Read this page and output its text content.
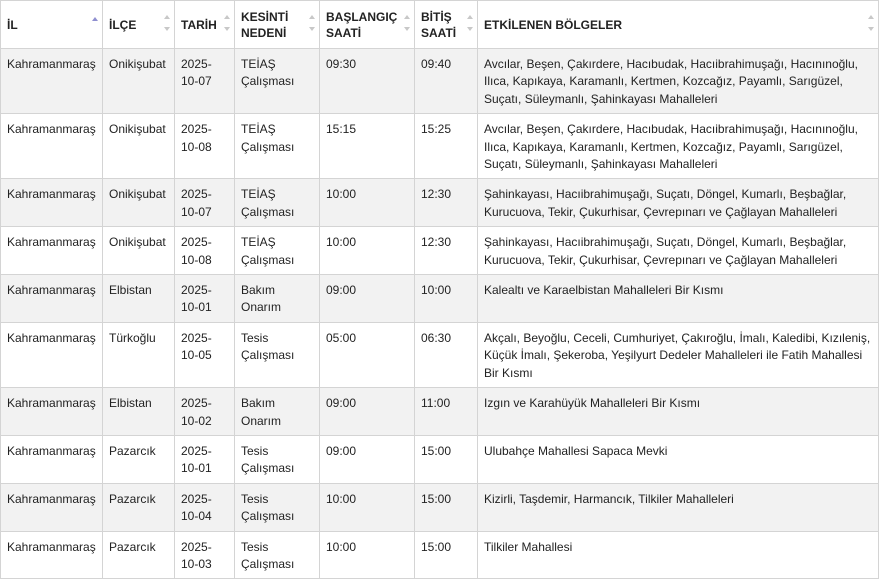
İL	İLÇE	TARİH	KESİNTİ NEDENİ	BAŞLANGIÇ SAATİ	BİTİŞ SAATİ	ETKİLENEN BÖLGELER

Kahramanmaraş	Onikişubat	2025-10-07	TEİAŞ Çalışması	09:30	09:40	Avcılar, Beşen, Çakırdere, Hacıbudak, Hacıibrahimuşağı, Hacınınoğlu, Ilıca, Kapıkaya, Karamanlı, Kertmen, Kozcağız, Payamlı, Sarıgüzel, Suçatı, Süleymanlı, Şahinkayası Mahalleleri
Kahramanmaraş	Onikişubat	2025-10-08	TEİAŞ Çalışması	15:15	15:25	Avcılar, Beşen, Çakırdere, Hacıbudak, Hacıibrahimuşağı, Hacınınoğlu, Ilıca, Kapıkaya, Karamanlı, Kertmen, Kozcağız, Payamlı, Sarıgüzel, Suçatı, Süleymanlı, Şahinkayası Mahalleleri
Kahramanmaraş	Onikişubat	2025-10-07	TEİAŞ Çalışması	10:00	12:30	Şahinkayası, Hacıibrahimuşağı, Suçatı, Döngel, Kumarlı, Beşbağlar, Kurucuova, Tekir, Çukurhisar, Çevrepınarı ve Çağlayan Mahalleleri
Kahramanmaraş	Onikişubat	2025-10-08	TEİAŞ Çalışması	10:00	12:30	Şahinkayası, Hacıibrahimuşağı, Suçatı, Döngel, Kumarlı, Beşbağlar, Kurucuova, Tekir, Çukurhisar, Çevrepınarı ve Çağlayan Mahalleleri
Kahramanmaraş	Elbistan	2025-10-01	Bakım Onarım	09:00	10:00	Kalealtı ve Karaelbistan Mahalleleri Bir Kısmı
Kahramanmaraş	Türkoğlu	2025-10-05	Tesis Çalışması	05:00	06:30	Akçalı, Beyoğlu, Ceceli, Cumhuriyet, Çakıroğlu, İmalı, Kaledibi, Kızıleniş, Küçük İmalı, Şekeroba, Yeşilyurt Dedeler Mahalleleri ile Fatih Mahallesi Bir Kısmı
Kahramanmaraş	Elbistan	2025-10-02	Bakım Onarım	09:00	11:00	Izgın ve Karahüyük Mahalleleri Bir Kısmı
Kahramanmaraş	Pazarcık	2025-10-01	Tesis Çalışması	09:00	15:00	Ulubahçe Mahallesi Sapaca Mevki
Kahramanmaraş	Pazarcık	2025-10-04	Tesis Çalışması	10:00	15:00	Kizirli, Taşdemir, Harmancık, Tilkiler Mahalleleri
Kahramanmaraş	Pazarcık	2025-10-03	Tesis Çalışması	10:00	15:00	Tilkiler Mahallesi
